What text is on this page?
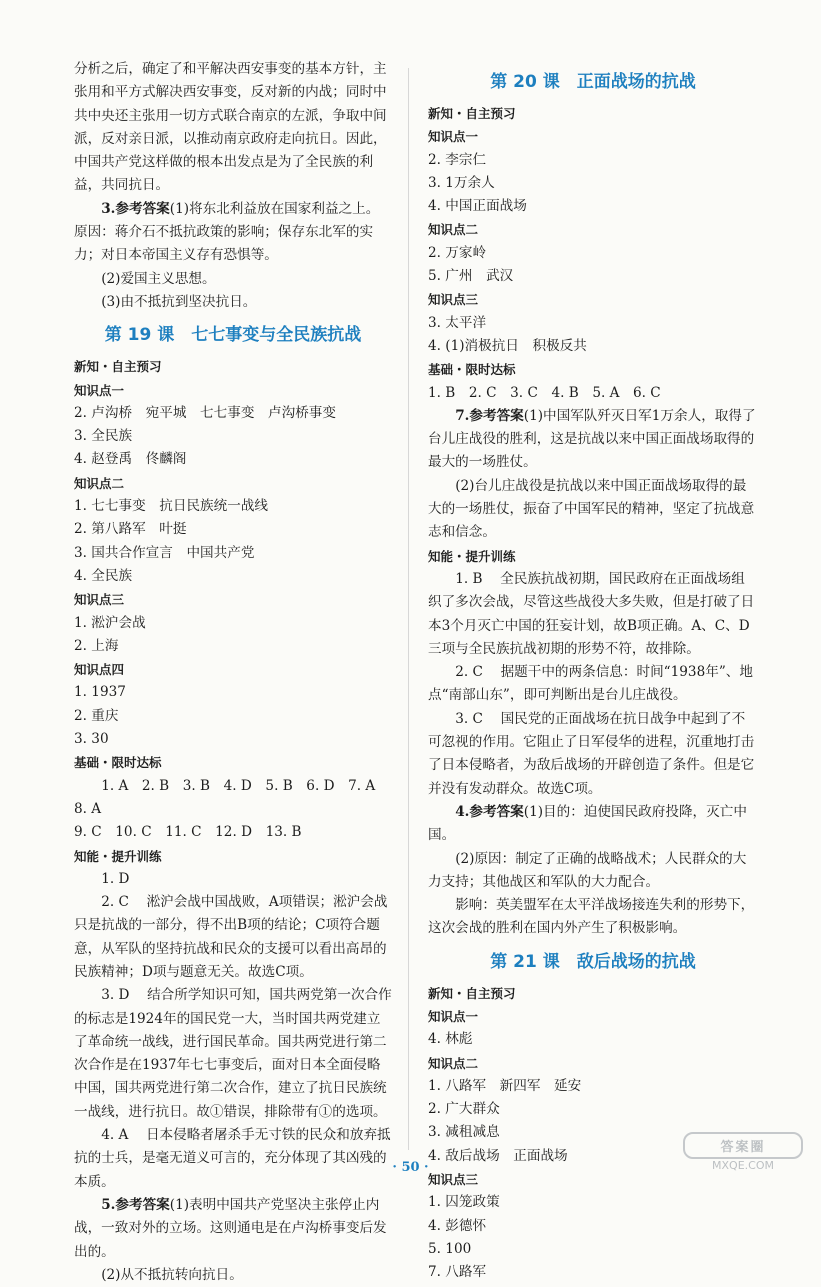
分析之后，确定了和平解决西安事变的基本方针，主张用和平方式解决西安事变，反对新的内战；同时中共中央还主张用一切方式联合南京的左派，争取中间派，反对亲日派，以推动南京政府走向抗日。因此，中国共产党这样做的根本出发点是为了全民族的利益，共同抗日。

3.参考答案(1)将东北利益放在国家利益之上。原因：蒋介石不抵抗政策的影响；保存东北军的实力；对日本帝国主义存有恐惧等。

(2)爱国主义思想。

(3)由不抵抗到坚决抗日。

第 19 课　七七事变与全民族抗战

新知・自主预习

知识点一

2. 卢沟桥　宛平城　七七事变　卢沟桥事变

3. 全民族

4. 赵登禹　佟麟阁

知识点二

1. 七七事变　抗日民族统一战线

2. 第八路军　叶挺

3. 国共合作宣言　中国共产党

4. 全民族

知识点三

1. 淞沪会战

2. 上海

知识点四

1. 1937

2. 重庆

3. 30

基础・限时达标

1. A　2. B　3. B　4. D　5. B　6. D　7. A　8. A

9. C　10. C　11. C　12. D　13. B

知能・提升训练

1. D

2. C 淞沪会战中国战败，A项错误；淞沪会战只是抗战的一部分，得不出B项的结论；C项符合题意，从军队的坚持抗战和民众的支援可以看出高昂的民族精神；D项与题意无关。故选C项。

3. D 结合所学知识可知，国共两党第一次合作的标志是1924年的国民党一大，当时国共两党建立了革命统一战线，进行国民革命。国共两党进行第二次合作是在1937年七七事变后，面对日本全面侵略中国，国共两党进行第二次合作，建立了抗日民族统一战线，进行抗日。故①错误，排除带有①的选项。

4. A 日本侵略者屠杀手无寸铁的民众和放弃抵抗的士兵，是毫无道义可言的，充分体现了其凶残的本质。

5.参考答案(1)表明中国共产党坚决主张停止内战，一致对外的立场。这则通电是在卢沟桥事变后发出的。

(2)从不抵抗转向抗日。

第 20 课　正面战场的抗战

新知・自主预习

知识点一

2. 李宗仁

3. 1万余人

4. 中国正面战场

知识点二

2. 万家岭

5. 广州　武汉

知识点三

3. 太平洋

4. (1)消极抗日　积极反共

基础・限时达标

1. B　2. C　3. C　4. B　5. A　6. C

7.参考答案(1)中国军队歼灭日军1万余人，取得了台儿庄战役的胜利，这是抗战以来中国正面战场取得的最大的一场胜仗。

(2)台儿庄战役是抗战以来中国正面战场取得的最大的一场胜仗，振奋了中国军民的精神，坚定了抗战意志和信念。

知能・提升训练

1. B 全民族抗战初期，国民政府在正面战场组织了多次会战，尽管这些战役大多失败，但是打破了日本3个月灭亡中国的狂妄计划，故B项正确。A、C、D三项与全民族抗战初期的形势不符，故排除。

2. C 据题干中的两条信息：时间“1938年”、地点“南部山东”，即可判断出是台儿庄战役。

3. C 国民党的正面战场在抗日战争中起到了不可忽视的作用。它阻止了日军侵华的进程，沉重地打击了日本侵略者，为敌后战场的开辟创造了条件。但是它并没有发动群众。故选C项。

4.参考答案(1)目的：迫使国民政府投降，灭亡中国。

(2)原因：制定了正确的战略战术；人民群众的大力支持；其他战区和军队的大力配合。

影响：英美盟军在太平洋战场接连失利的形势下，这次会战的胜利在国内外产生了积极影响。

第 21 课　敌后战场的抗战

新知・自主预习

知识点一

4. 林彪

知识点二

1. 八路军　新四军　延安

2. 广大群众

3. 减租减息

4. 敌后战场　正面战场

知识点三

1. 囚笼政策

4. 彭德怀

5. 100

7. 八路军

· 50 ·
答案圈
MXQE.COM
